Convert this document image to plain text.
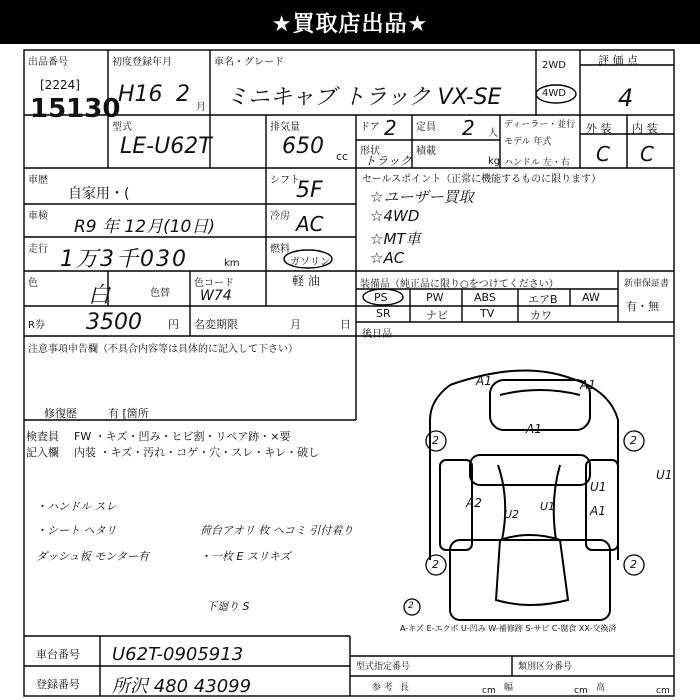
★買取店出品★
出品番号
[2224]
15130
初度登録年月
H16 2
月
車名・グレード
ミニキャブ トラック VX-SE
2WD
4WD
評 価 点
4
型式
LE-U62T
排気量
650 cc
ドア 2 定員 2 人
ディーラー・並行
モデル 年式
外 装 内 装
C C
形状
トラック
積載
kg ハンドル 左・右
車歴
自家用・(
車検
R9 年 12月(10日)
走行 1万3千030	km
色 白	色替
色コード
W74
シフト
5F
冷房 AC
燃料
ガソリン
軽 油
R券 3500 円 名変期限	月	日
セールスポイント（正常に機能するものに限ります）
☆ユーザー買取
☆4WD
☆MT車
☆AC
装備品（純正品に限り○をつけてください）	新車保証書
有・無
PS	PW	ABS	エアB AW
SR	ナビ	TV	カワ
後日品
注意事項申告欄（不具合内容等は具体的に記入して下さい）
修復歴	有 [箇所
検査員
記入欄
FW ・キズ・凹み・ヒビ割・リペア跡・×要
内装 ・キズ・汚れ・コゲ・穴・スレ・キレ・破し
・ハンドル スレ
・シート ヘタリ
ダッシュ板 モンター有
荷台アオリ 枚 ヘコミ 引付着り
・一枚 E スリキズ
下廻り S
A1	A1
A1
2	2
2	2
U1
U1
A1
A2
U2
U1
2
A-キズ E-エクボ U-凹み W-補修跡 S-サビ C-腐食 XX-交換済
車台番号 U62T-0905913
登録番号 所沢 480 43099
型式指定番号	類別区分番号
参 考 長	cm 幅	cm 高	cm
